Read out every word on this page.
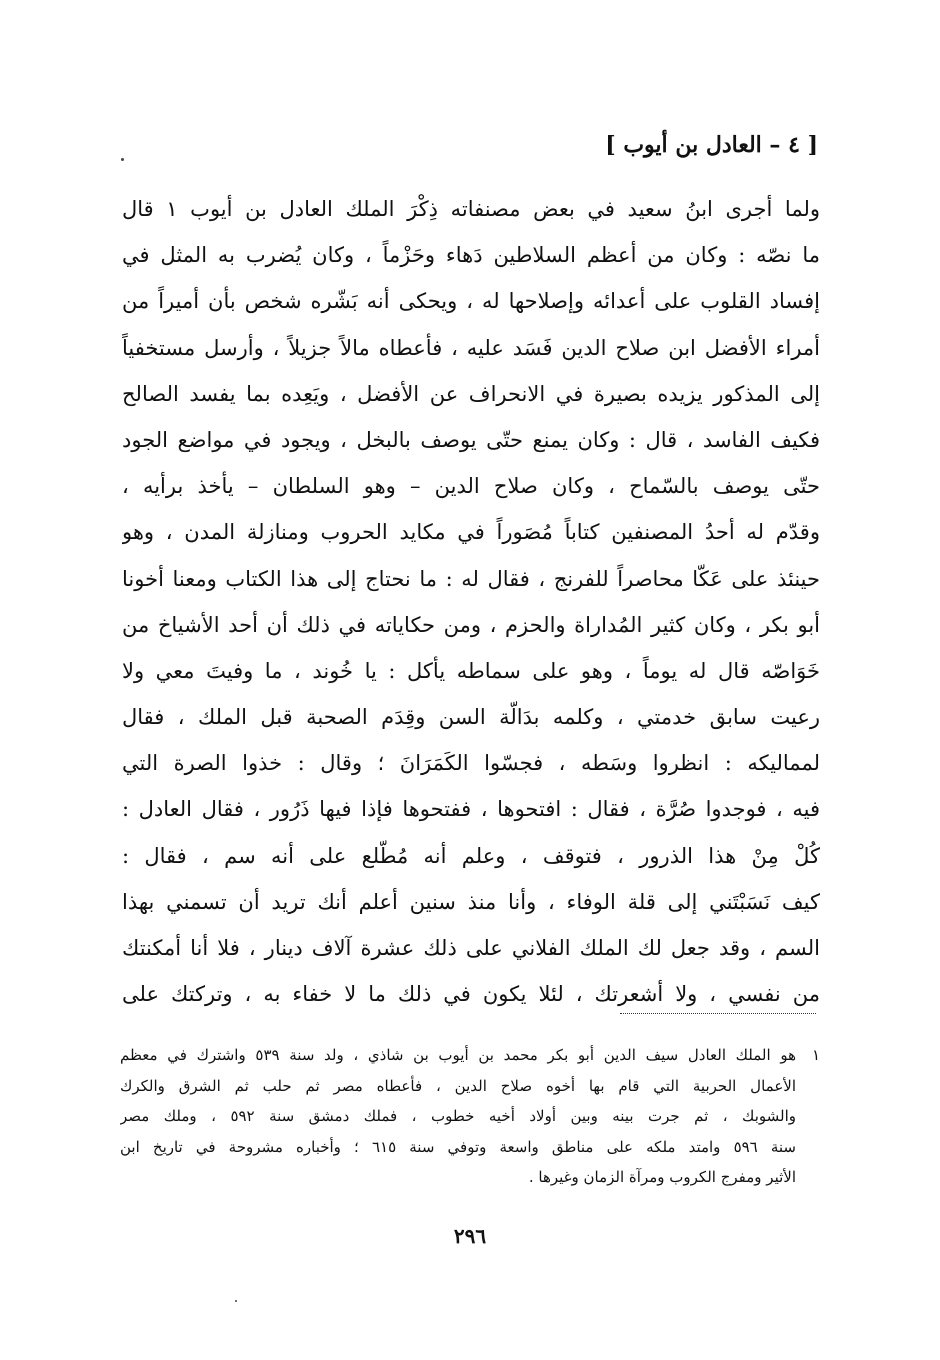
[ ٤ – العادل بن أيوب ]
ولما أجرى ابنُ سعيد في بعض مصنفاته ذِكْرَ الملك العادل بن أيوب ١ قال
ما نصّه : وكان من أعظم السلاطين دَهاء وحَزْماً ، وكان يُضرب به المثل في
إفساد القلوب على أعدائه وإصلاحها له ، ويحكى أنه بَشّره شخص بأن أميراً من
أمراء الأفضل ابن صلاح الدين فَسَد عليه ، فأعطاه مالاً جزيلاً ، وأرسل مستخفياً
إلى المذكور يزيده بصيرة في الانحراف عن الأفضل ، ويَعِده بما يفسد الصالح
فكيف الفاسد ، قال : وكان يمنع حتّى يوصف بالبخل ، ويجود في مواضع الجود
حتّى يوصف بالسّماح ، وكان صلاح الدين – وهو السلطان – يأخذ برأيه ،
وقدّم له أحدُ المصنفين كتاباً مُصَوراً في مكايد الحروب ومنازلة المدن ، وهو
حينئذ على عَكّا محاصراً للفرنج ، فقال له : ما نحتاج إلى هذا الكتاب ومعنا أخونا
أبو بكر ، وكان كثير المُداراة والحزم ، ومن حكاياته في ذلك أن أحد الأشياخ من
خَوَاصّه قال له يوماً ، وهو على سماطه يأكل : يا خُوند ، ما وفيتَ معي ولا
رعيت سابق خدمتي ، وكلمه بدَالّة السن وقِدَم الصحبة قبل الملك ، فقال
لمماليكه : انظروا وسَطه ، فجسّوا الكَمَرَانَ ؛ وقال : خذوا الصرة التي
فيه ، فوجدوا صُرَّة ، فقال : افتحوها ، ففتحوها فإذا فيها ذَرُور ، فقال العادل :
كُلْ مِنْ هذا الذرور ، فتوقف ، وعلم أنه مُطّلع على أنه سم ، فقال :
كيف نَسَبْتَني إلى قلة الوفاء ، وأنا منذ سنين أعلم أنك تريد أن تسمني بهذا
السم ، وقد جعل لك الملك الفلاني على ذلك عشرة آلاف دينار ، فلا أنا أمكنتك
من نفسي ، ولا أشعرتك ، لئلا يكون في ذلك ما لا خفاء به ، وتركتك على
١
هو الملك العادل سيف الدين أبو بكر محمد بن أيوب بن شاذي ، ولد سنة ٥٣٩ واشترك في معظم
الأعمال الحربية التي قام بها أخوه صلاح الدين ، فأعطاه مصر ثم حلب ثم الشرق والكرك
والشوبك ، ثم جرت بينه وبين أولاد أخيه خطوب ، فملك دمشق سنة ٥٩٢ ، وملك مصر
سنة ٥٩٦ وامتد ملكه على مناطق واسعة وتوفي سنة ٦١٥ ؛ وأخباره مشروحة في تاريخ ابن
الأثير ومفرج الكروب ومرآة الزمان وغيرها .
٢٩٦
